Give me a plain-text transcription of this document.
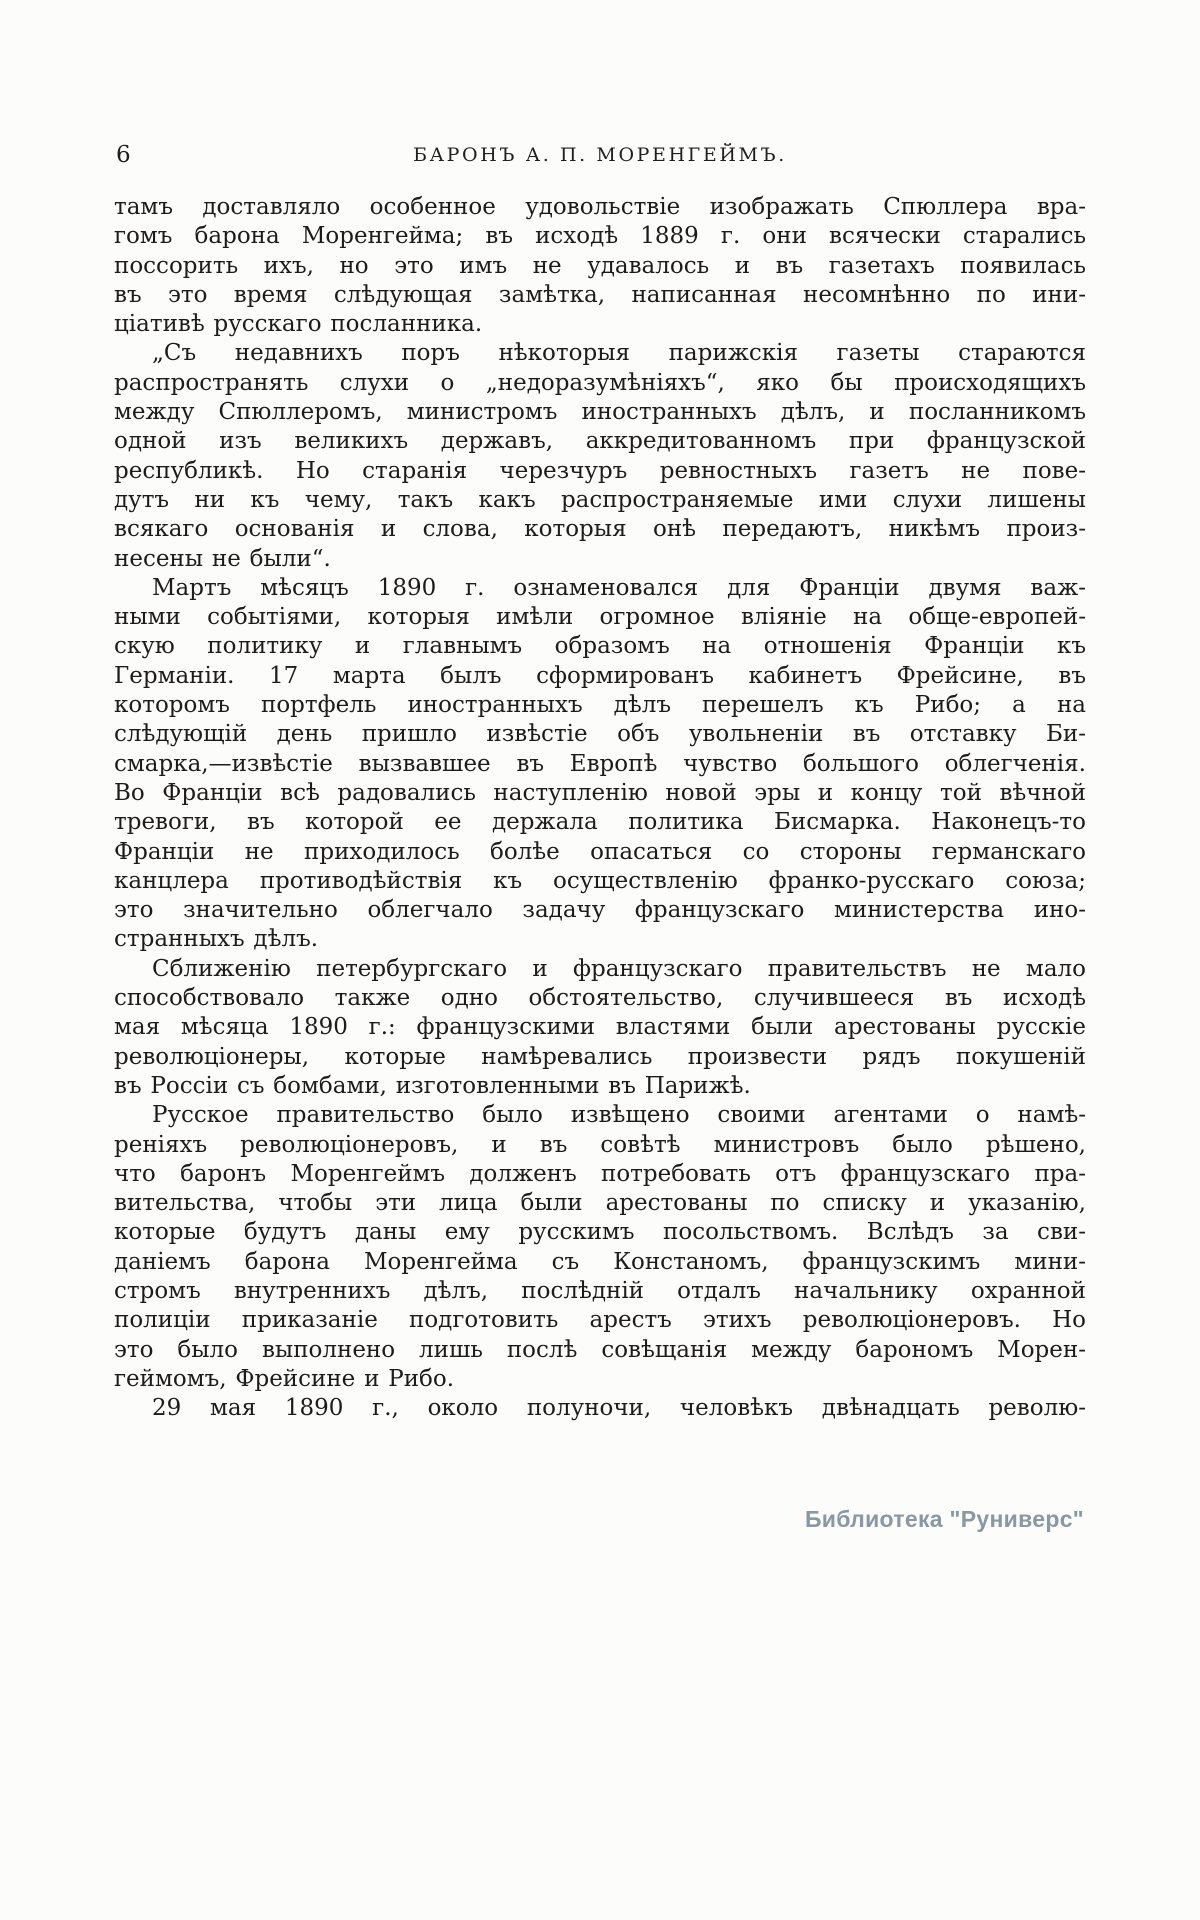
6	БАРОНЪ А. П. МОРЕНГЕЙМЪ.
тамъ доставляло особенное удовольствіе изображать Спюллера вра-
гомъ барона Моренгейма; въ исходѣ 1889 г. они всячески старались
поссорить ихъ, но это имъ не удавалось и въ газетахъ появилась
въ это время слѣдующая замѣтка, написанная несомнѣнно по ини-
ціативѣ русскаго посланника.
„Съ недавнихъ поръ нѣкоторыя парижскія газеты стараются
распространять слухи о „недоразумѣніяхъ“, яко бы происходящихъ
между Спюллеромъ, министромъ иностранныхъ дѣлъ, и посланникомъ
одной изъ великихъ державъ, аккредитованномъ при французской
республикѣ. Но старанія черезчуръ ревностныхъ газетъ не пове-
дутъ ни къ чему, такъ какъ распространяемые ими слухи лишены
всякаго основанія и слова, которыя онѣ передаютъ, никѣмъ произ-
несены не были“.
Мартъ мѣсяцъ 1890 г. ознаменовался для Франціи двумя важ-
ными событіями, которыя имѣли огромное вліяніе на обще-европей-
скую политику и главнымъ образомъ на отношенія Франціи къ
Германіи. 17 марта былъ сформированъ кабинетъ Фрейсине, въ
которомъ портфель иностранныхъ дѣлъ перешелъ къ Рибо; а на
слѣдующій день пришло извѣстіе объ увольненіи въ отставку Би-
смарка,—извѣстіе вызвавшее въ Европѣ чувство большого облегченія.
Во Франціи всѣ радовались наступленію новой эры и концу той вѣчной
тревоги, въ которой ее держала политика Бисмарка. Наконецъ-то
Франціи не приходилось болѣе опасаться со стороны германскаго
канцлера противодѣйствія къ осуществленію франко-русскаго союза;
это значительно облегчало задачу французскаго министерства ино-
странныхъ дѣлъ.
Сближенію петербургскаго и французскаго правительствъ не мало
способствовало также одно обстоятельство, случившееся въ исходѣ
мая мѣсяца 1890 г.: французскими властями были арестованы русскіе
революціонеры, которые намѣревались произвести рядъ покушеній
въ Россіи съ бомбами, изготовленными въ Парижѣ.
Русское правительство было извѣщено своими агентами о намѣ-
реніяхъ революціонеровъ, и въ совѣтѣ министровъ было рѣшено,
что баронъ Моренгеймъ долженъ потребовать отъ французскаго пра-
вительства, чтобы эти лица были арестованы по списку и указанію,
которые будутъ даны ему русскимъ посольствомъ. Вслѣдъ за сви-
даніемъ барона Моренгейма съ Констаномъ, французскимъ мини-
стромъ внутреннихъ дѣлъ, послѣдній отдалъ начальнику охранной
полиціи приказаніе подготовить арестъ этихъ революціонеровъ. Но
это было выполнено лишь послѣ совѣщанія между барономъ Морен-
геймомъ, Фрейсине и Рибо.
29 мая 1890 г., около полуночи, человѣкъ двѣнадцать револю-
Библиотека "Руниверс"
